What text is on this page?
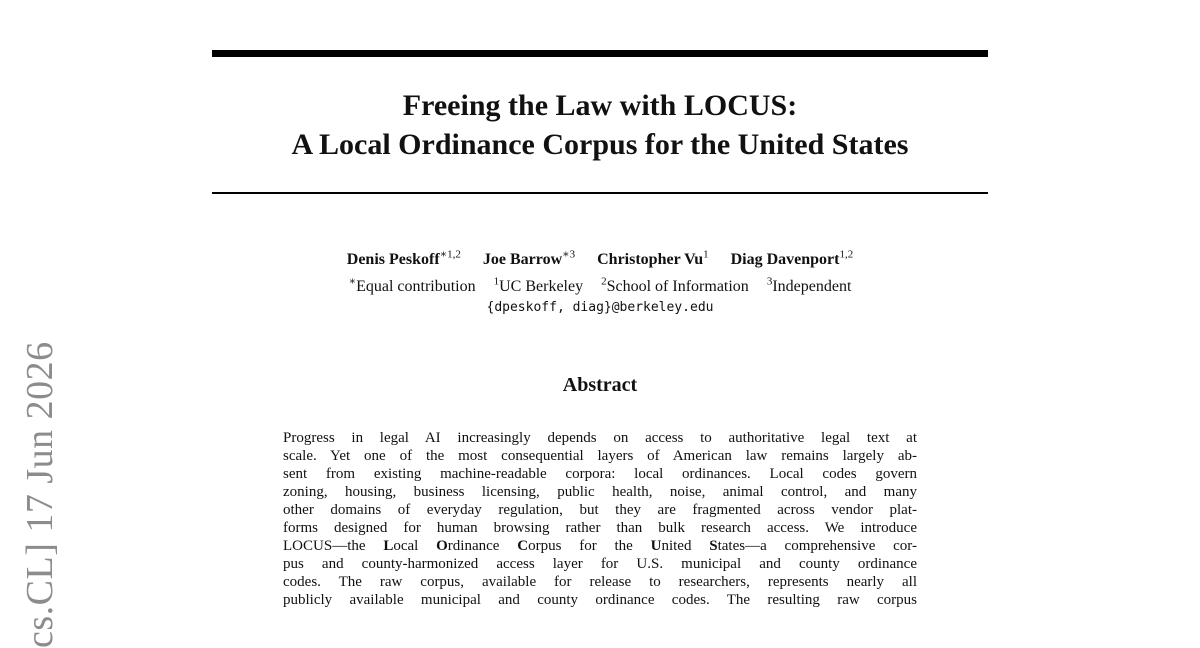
cs.CL] 17 Jun 2026
Freeing the Law with LOCUS:
A Local Ordinance Corpus for the United States
Denis Peskoff$^{∗1,2}$ Joe Barrow$^{∗3}$ Christopher Vu$^1$ Diag Davenport$^{1,2}$
∗Equal contribution $^1$UC Berkeley $^2$School of Information $^3$Independent
{dpeskoff, diag}@berkeley.edu
Abstract
Progress in legal AI increasingly depends on access to authoritative legal text at
scale. Yet one of the most consequential layers of American law remains largely ab-
sent from existing machine-readable corpora: local ordinances. Local codes govern
zoning, housing, business licensing, public health, noise, animal control, and many
other domains of everyday regulation, but they are fragmented across vendor plat-
forms designed for human browsing rather than bulk research access. We introduce
LOCUS—the Local Ordinance Corpus for the United States—a comprehensive cor-
pus and county-harmonized access layer for U.S. municipal and county ordinance
codes. The raw corpus, available for release to researchers, represents nearly all
publicly available municipal and county ordinance codes. The resulting raw corpus
